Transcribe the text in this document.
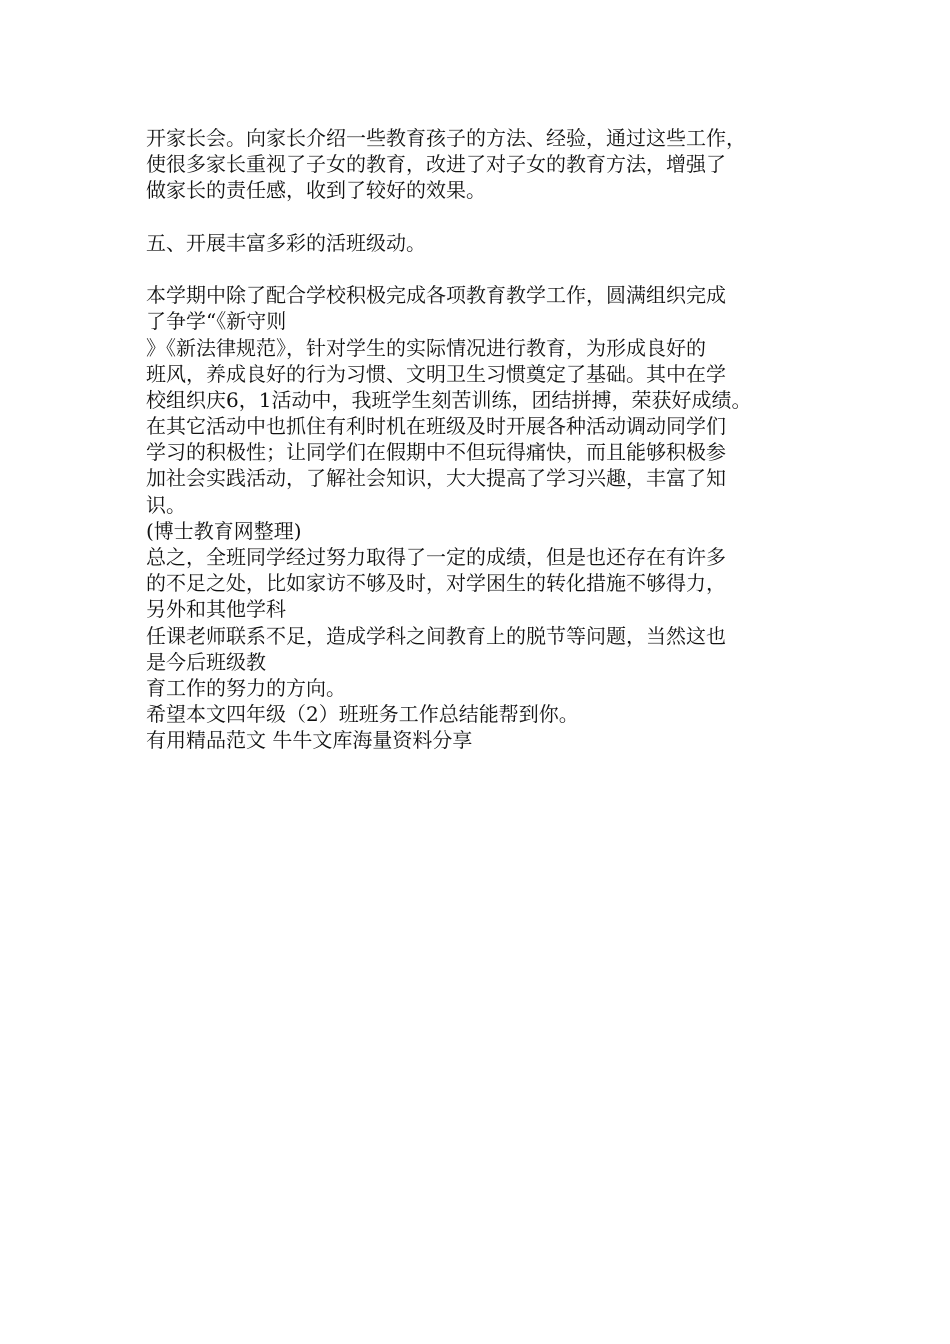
开家长会。向家长介绍一些教育孩子的方法、经验，通过这些工作，
使很多家长重视了子女的教育，改进了对子女的教育方法，增强了
做家长的责任感，收到了较好的效果。
五、开展丰富多彩的活班级动。
本学期中除了配合学校积极完成各项教育教学工作，圆满组织完成
了争学“《新守则
》《新法律规范》，针对学生的实际情况进行教育，为形成良好的
班风，养成良好的行为习惯、文明卫生习惯奠定了基础。其中在学
校组织庆6，1活动中，我班学生刻苦训练，团结拼搏，荣获好成绩。
在其它活动中也抓住有利时机在班级及时开展各种活动调动同学们
学习的积极性；让同学们在假期中不但玩得痛快，而且能够积极参
加社会实践活动，了解社会知识，大大提高了学习兴趣，丰富了知
识。
(博士教育网整理)
总之，全班同学经过努力取得了一定的成绩，但是也还存在有许多
的不足之处，比如家访不够及时，对学困生的转化措施不够得力，
另外和其他学科
任课老师联系不足，造成学科之间教育上的脱节等问题，当然这也
是今后班级教
育工作的努力的方向。
希望本文四年级（2）班班务工作总结能帮到你。
有用精品范文 牛牛文库海量资料分享
